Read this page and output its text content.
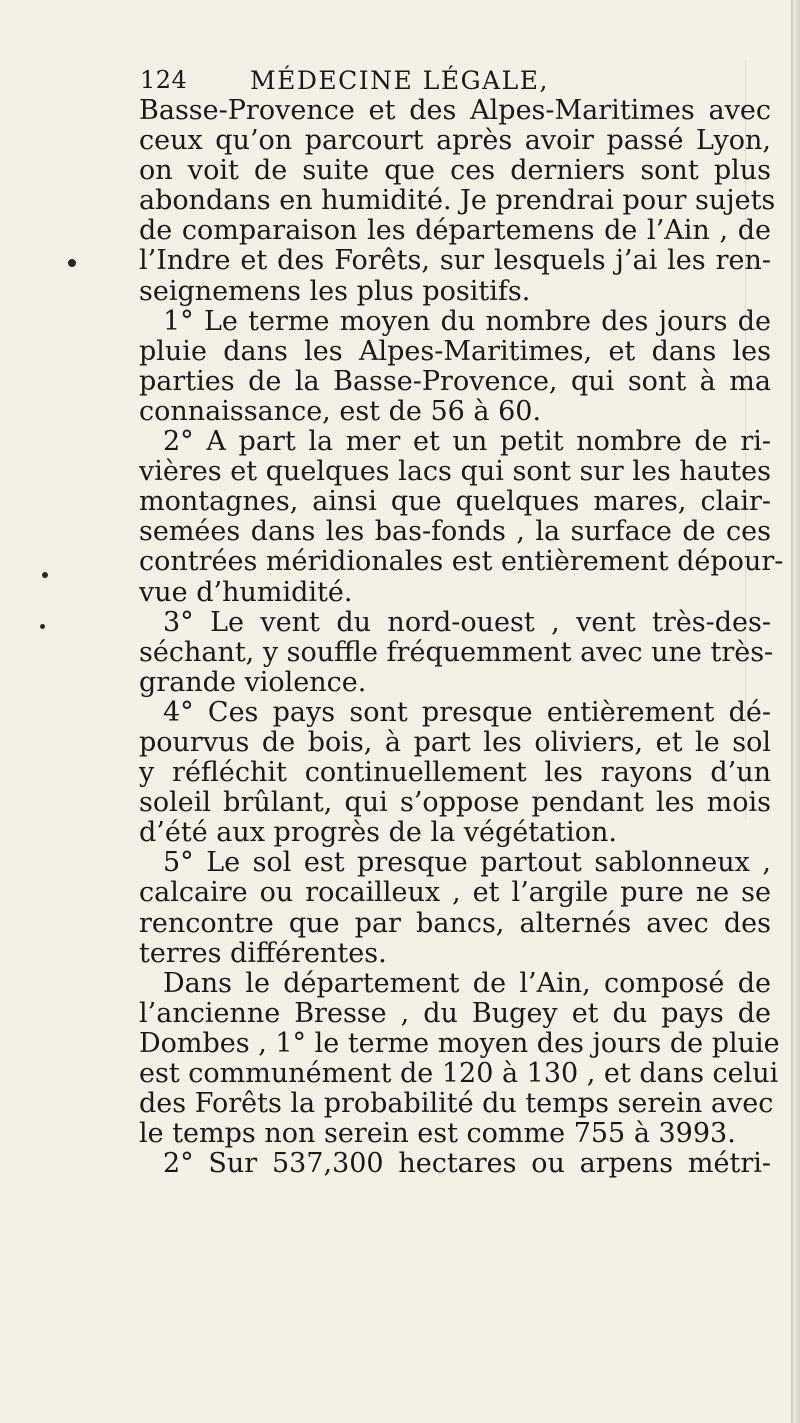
124	MÉDECINE LÉGALE,
Basse-Provence et des Alpes-Maritimes avec
ceux qu’on parcourt après avoir passé Lyon,
on voit de suite que ces derniers sont plus
abondans en humidité. Je prendrai pour sujets
de comparaison les départemens de l’Ain , de
l’Indre et des Forêts, sur lesquels j’ai les ren-
seignemens les plus positifs.
1° Le terme moyen du nombre des jours de
pluie dans les Alpes-Maritimes, et dans les
parties de la Basse-Provence, qui sont à ma
connaissance, est de 56 à 60.
2° A part la mer et un petit nombre de ri-
vières et quelques lacs qui sont sur les hautes
montagnes, ainsi que quelques mares, clair-
semées dans les bas-fonds , la surface de ces
contrées méridionales est entièrement dépour-
vue d’humidité.
3° Le vent du nord-ouest , vent très-des-
séchant, y souffle fréquemment avec une très-
grande violence.
4° Ces pays sont presque entièrement dé-
pourvus de bois, à part les oliviers, et le sol
y réfléchit continuellement les rayons d’un
soleil brûlant, qui s’oppose pendant les mois
d’été aux progrès de la végétation.
5° Le sol est presque partout sablonneux ,
calcaire ou rocailleux , et l’argile pure ne se
rencontre que par bancs, alternés avec des
terres différentes.
Dans le département de l’Ain, composé de
l’ancienne Bresse , du Bugey et du pays de
Dombes , 1° le terme moyen des jours de pluie
est communément de 120 à 130 , et dans celui
des Forêts la probabilité du temps serein avec
le temps non serein est comme 755 à 3993.
2° Sur 537,300 hectares ou arpens métri-
